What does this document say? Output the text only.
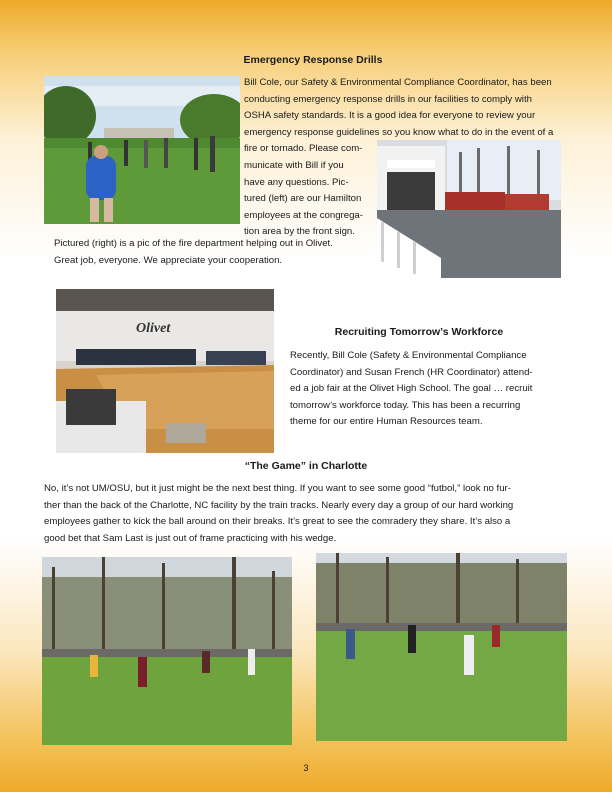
Emergency Response Drills
Bill Cole, our Safety & Environmental Compliance Coordinator, has been
conducting emergency response drills in our facilities to comply with
OSHA safety standards. It is a good idea for everyone to review your
emergency response guidelines so you know what to do in the event of a
fire or tornado. Please com-
municate with Bill if you
have any questions. Pic-
tured (left) are our Hamilton
employees at the congrega-
tion area by the front sign.
Pictured (right) is a pic of the fire department helping out in Olivet.
Great job, everyone. We appreciate your cooperation.
Olivet	Recruiting Tomorrow’s Workforce
Recently, Bill Cole (Safety & Environmental Compliance
Coordinator) and Susan French (HR Coordinator) attend-
ed a job fair at the Olivet High School. The goal … recruit
tomorrow’s workforce today. This has been a recurring
theme for our entire Human Resources team.
“The Game” in Charlotte
No, it’s not UM/OSU, but it just might be the next best thing. If you want to see some good “futbol,” look no fur-
ther than the back of the Charlotte, NC facility by the train tracks. Nearly every day a group of our hard working
employees gather to kick the ball around on their breaks. It’s great to see the comradery they share. It’s also a
good bet that Sam Last is just out of frame practicing with his wedge.
3
